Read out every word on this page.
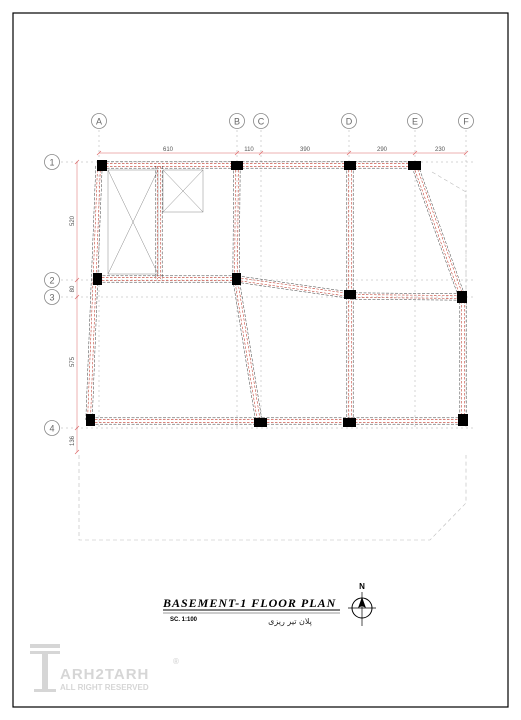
A	B C	D	E	F
1
2
3
4
610	110	390	290	230
520
80
575
136
BASEMENT-1 FLOOR PLAN
SC. 1:100	پلان تیر ریزی
N
ARH2TARH
ALL RIGHT RESERVED
®
